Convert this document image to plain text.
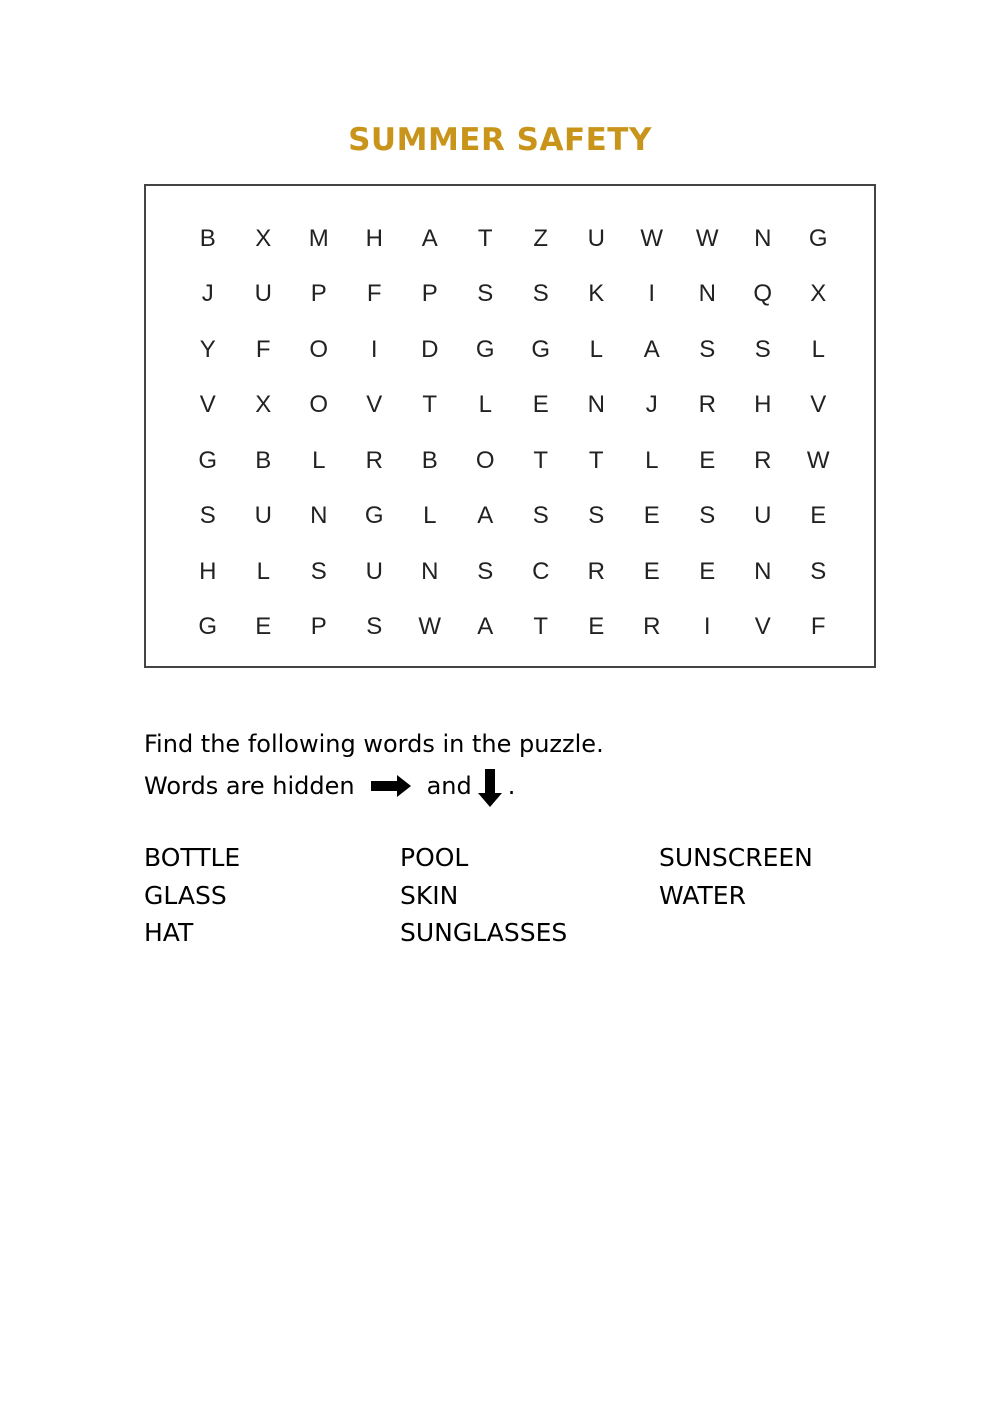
SUMMER SAFETY
B	X	M	H	A	T	Z	U	W	W	N	G
J	U	P	F	P	S	S	K	I	N	Q	X
Y	F	O	I	D	G	G	L	A	S	S	L
V	X	O	V	T	L	E	N	J	R	H	V
G	B	L	R	B	O	T	T	L	E	R	W
S	U	N	G	L	A	S	S	E	S	U	E
H	L	S	U	N	S	C	R	E	E	N	S
G	E	P	S	W	A	T	E	R	I	V	F
Find the following words in the puzzle.
Words are hidden	and .
BOTTLE
GLASS
HAT
POOL
SKIN
SUNGLASSES
SUNSCREEN
WATER
